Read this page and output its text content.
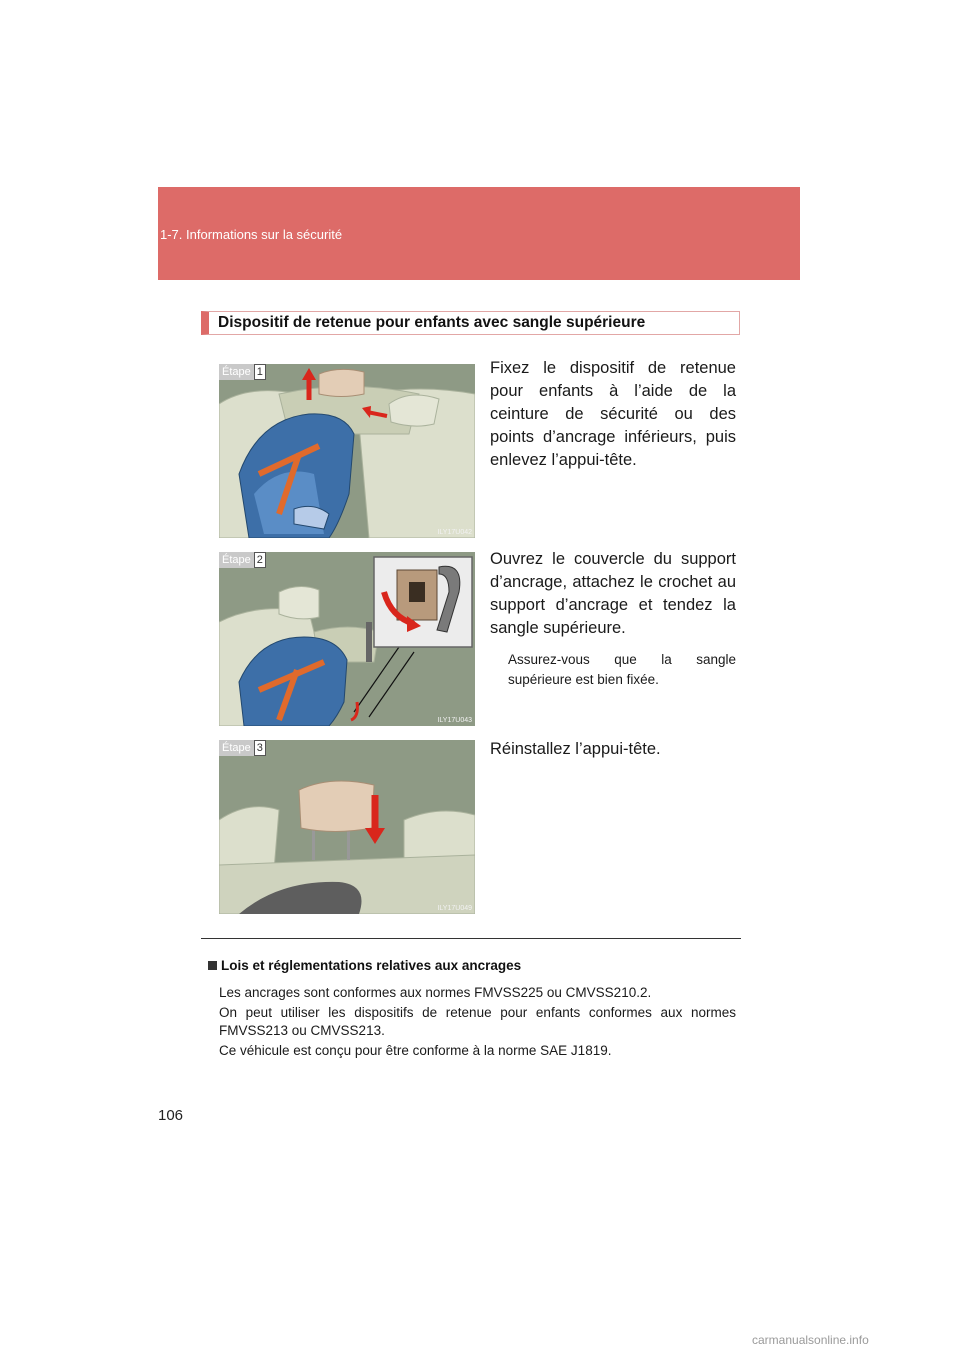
1-7. Informations sur la sécurité
Dispositif de retenue pour enfants avec sangle supérieure
Étape 1
ILY17U042
Fixez le dispositif de retenue pour enfants à l’aide de la ceinture de sécurité ou des points d’ancrage inférieurs, puis enlevez l’appui-tête.
Étape 2
ILY17U043
Ouvrez le couvercle du support d’ancrage, attachez le crochet au support d’ancrage et tendez la sangle supérieure.
Assurez-vous que la sangle supérieure est bien fixée.
Étape 3
ILY17U049
Réinstallez l’appui-tête.
Lois et réglementations relatives aux ancrages
Les ancrages sont conformes aux normes FMVSS225 ou CMVSS210.2.
On peut utiliser les dispositifs de retenue pour enfants conformes aux normes FMVSS213 ou CMVSS213.
Ce véhicule est conçu pour être conforme à la norme SAE J1819.
106
carmanualsonline.info
